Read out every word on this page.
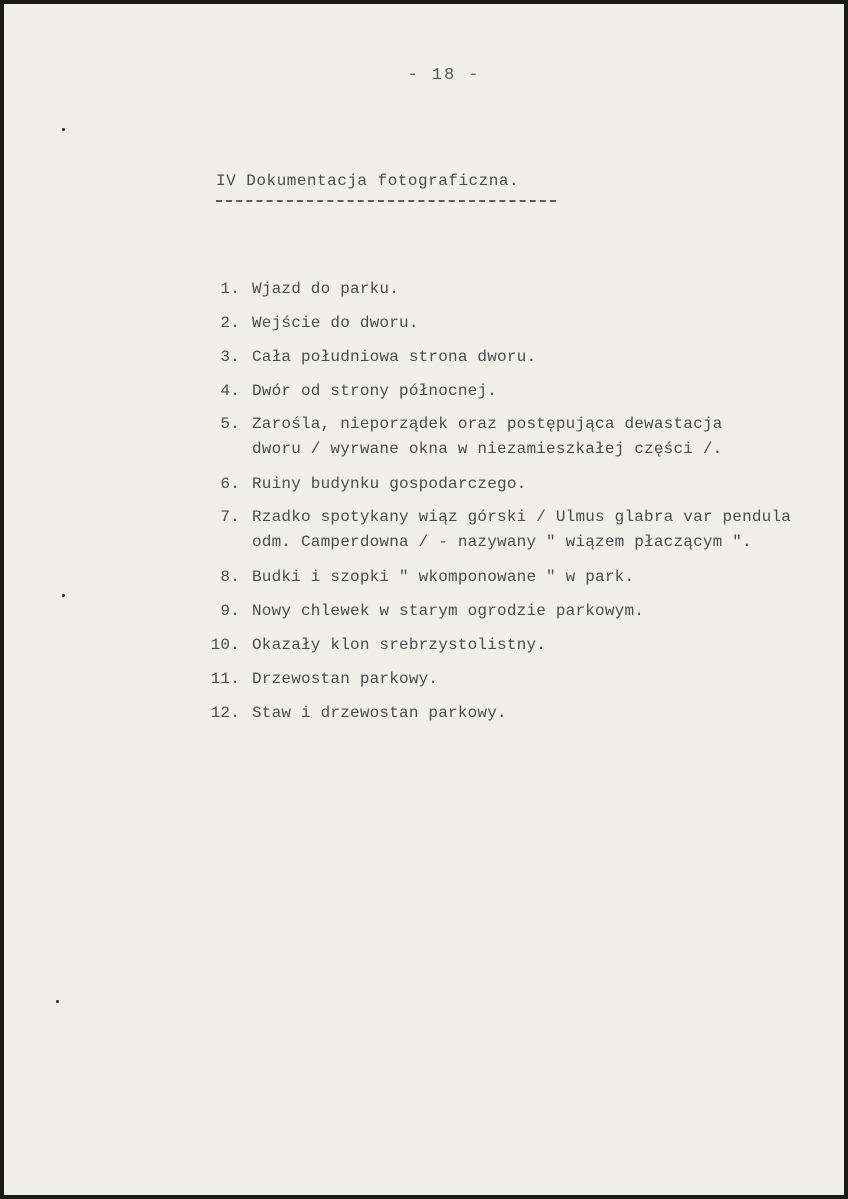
- 18 -
IV Dokumentacja fotograficzna.
1. Wjazd do parku.
2. Wejście do dworu.
3. Cała południowa strona dworu.
4. Dwór od strony północnej.
5. Zarośla, nieporządek oraz postępująca dewastacja
dworu / wyrwane okna w niezamieszkałej części /.
6. Ruiny budynku gospodarczego.
7. Rzadko spotykany wiąz górski / Ulmus glabra var pendula
odm. Camperdowna / - nazywany " wiązem płaczącym ".
8. Budki i szopki " wkomponowane " w park.
9. Nowy chlewek w starym ogrodzie parkowym.
10. Okazały klon srebrzystolistny.
11. Drzewostan parkowy.
12. Staw i drzewostan parkowy.
